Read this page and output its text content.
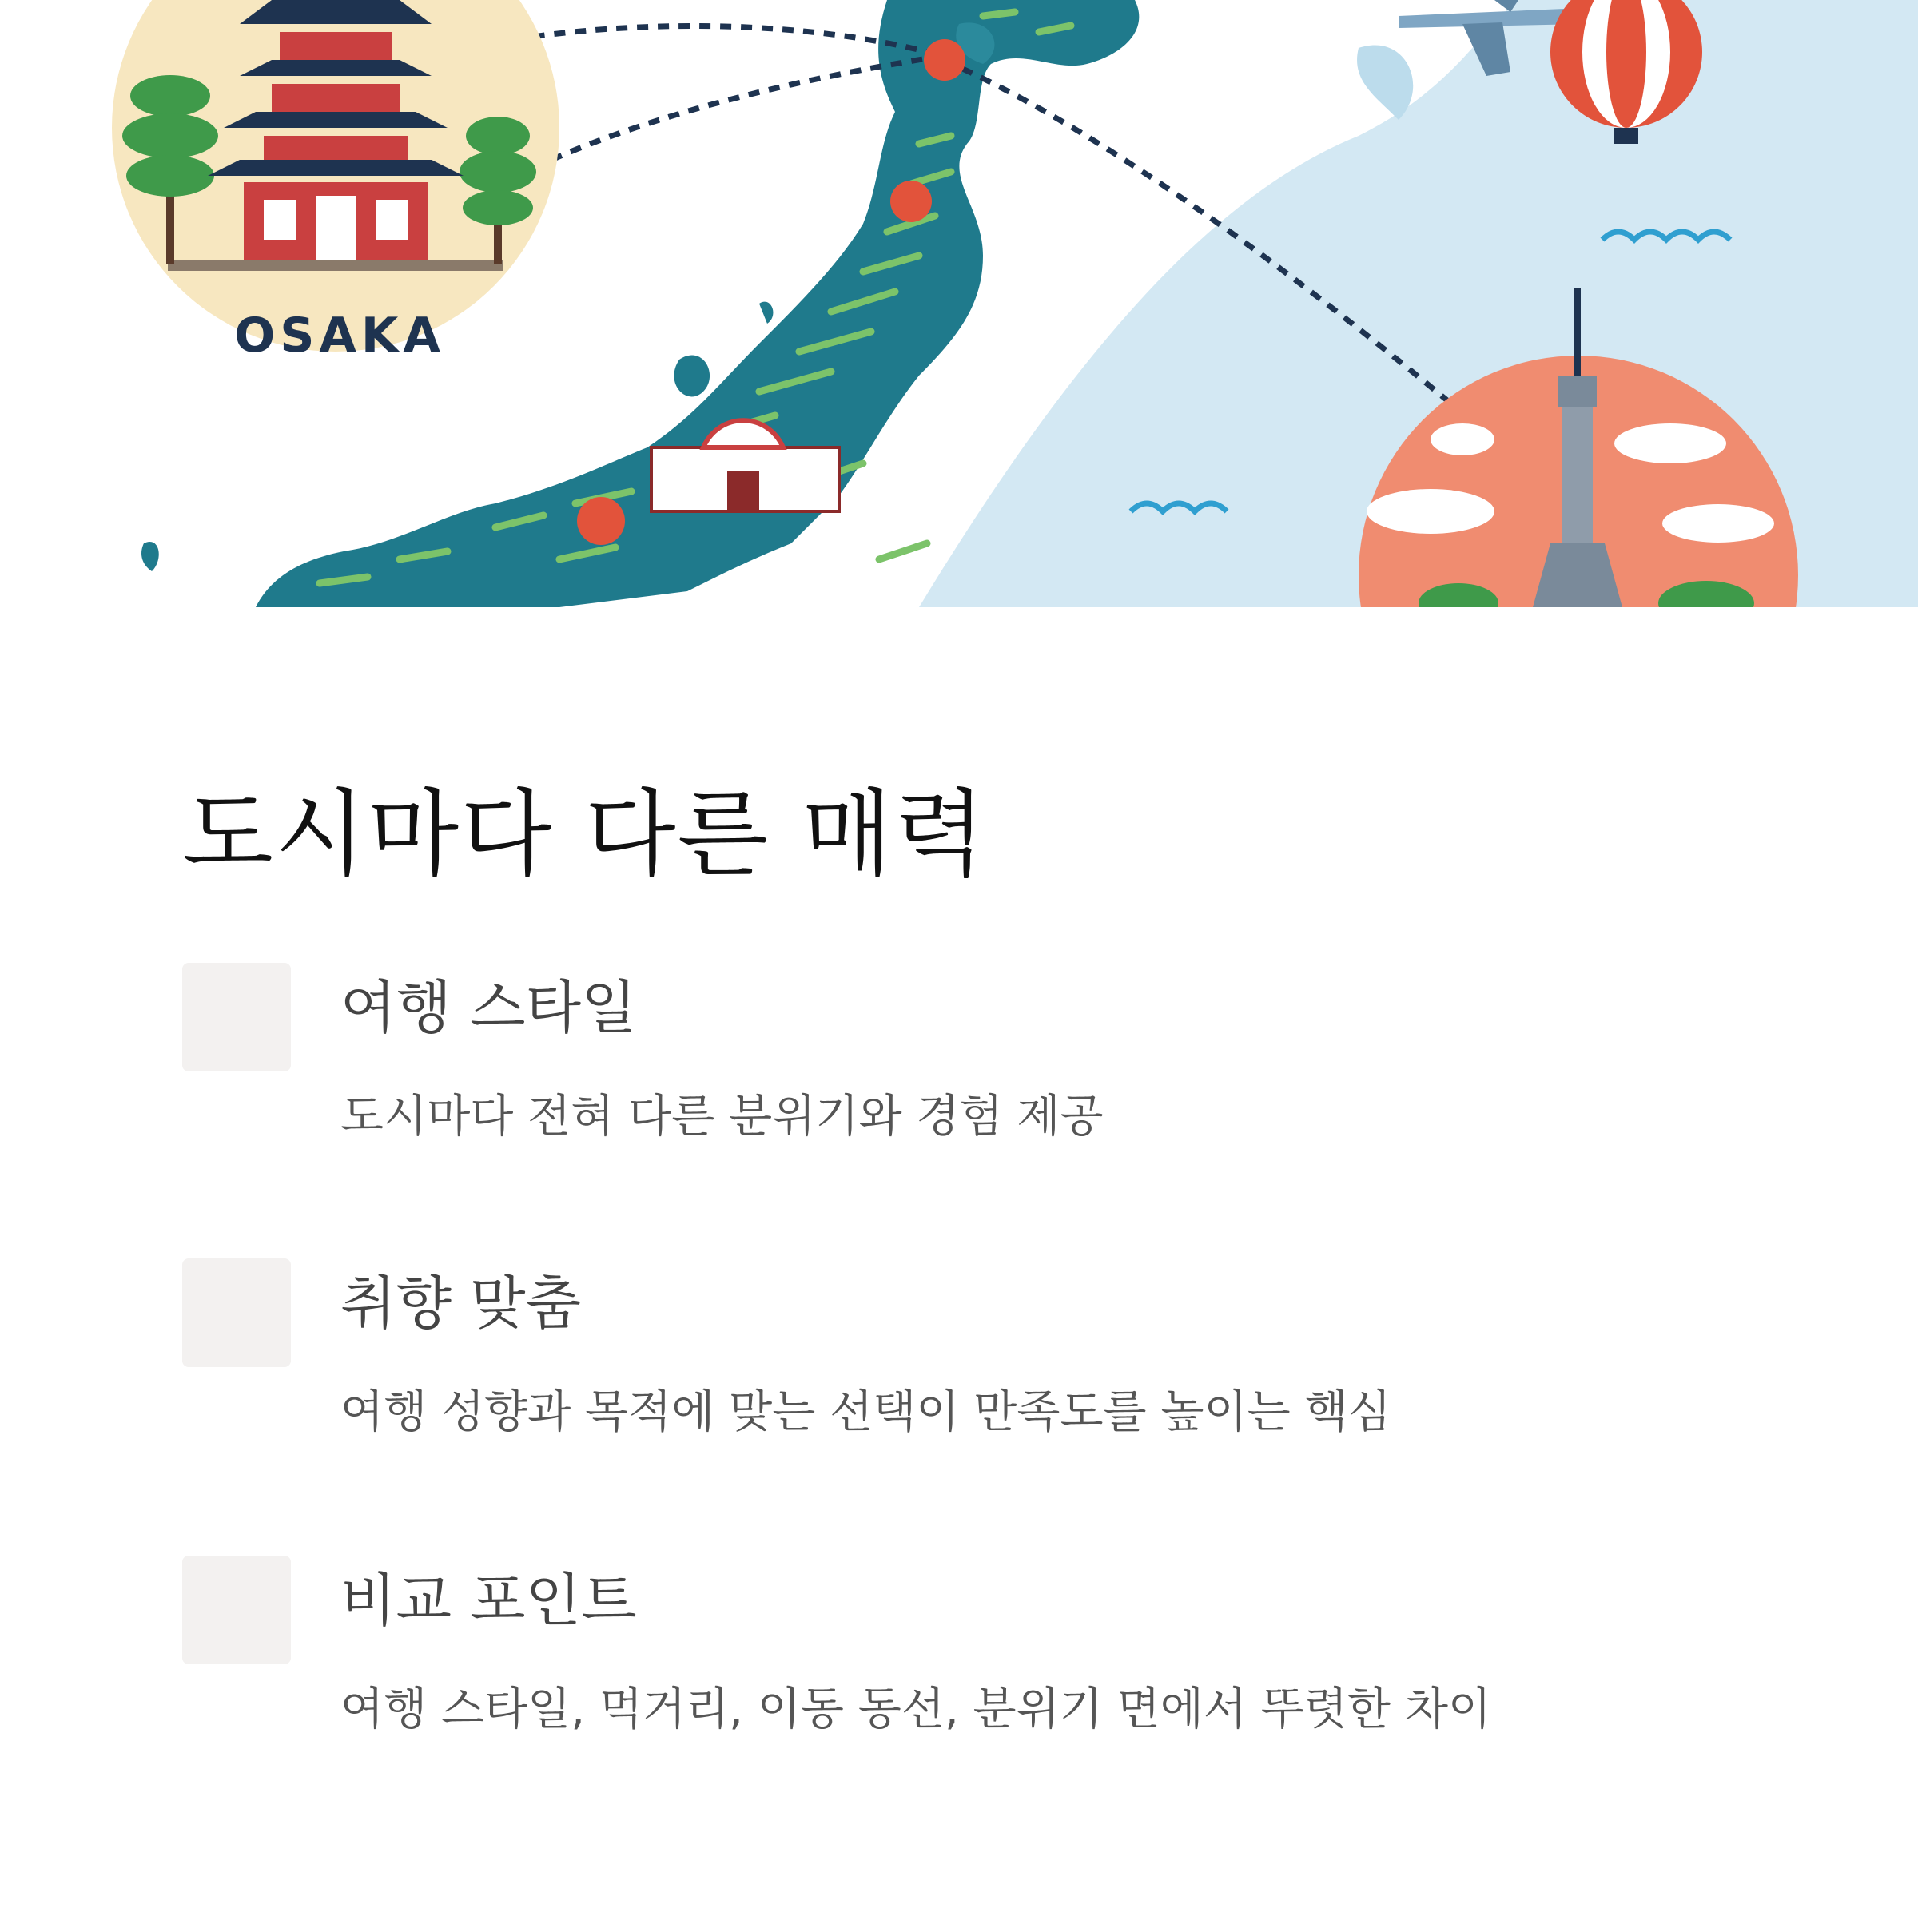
OSAKA
도시마다 다른 매력
여행 스타일
도시마다 전혀 다른 분위기와 경험 제공
취향 맞춤
여행 성향과 목적에 맞는 선택이 만족도를 높이는 핵심
비교 포인트
여행 스타일, 먹거리, 이동 동선, 분위기 면에서 뚜렷한 차이
